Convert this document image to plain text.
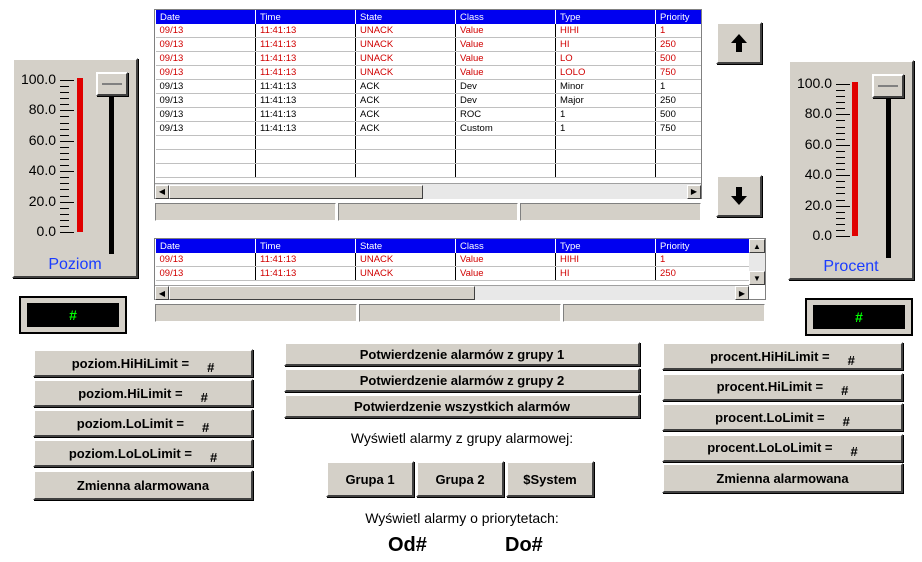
Date	Time	State	Class	Type	Priority
09/13	11:41:13	UNACK	Value	HIHI	1
09/13	11:41:13	UNACK	Value	HI	250
09/13	11:41:13	UNACK	Value	LO	500
09/13	11:41:13	UNACK	Value	LOLO	750
09/13	11:41:13	ACK	Dev	Minor	1
09/13	11:41:13	ACK	Dev	Major	250
09/13	11:41:13	ACK	ROC	1	500
09/13	11:41:13	ACK	Custom	1	750

◀	▶
Date	Time	State	Class	Type	Priority
09/13	11:41:13	UNACK	Value	HIHI	1
09/13	11:41:13	UNACK	Value	HI	250
▲
▼
◀	▶
100.0
80.0
60.0
40.0
20.0
0.0
Poziom
#
100.0
80.0
60.0
40.0
20.0
0.0
Procent
#
poziom.HiHiLimit = #
poziom.HiLimit = #
poziom.LoLimit = #
poziom.LoLoLimit = #
Zmienna alarmowana
procent.HiHiLimit = #
procent.HiLimit = #
procent.LoLimit = #
procent.LoLoLimit = #
Zmienna alarmowana
Potwierdzenie alarmów z grupy 1
Potwierdzenie alarmów z grupy 2
Potwierdzenie wszystkich alarmów
Wyświetl alarmy z grupy alarmowej:
Grupa 1	Grupa 2	$System
Wyświetl alarmy o priorytetach:
Od#	Do#
